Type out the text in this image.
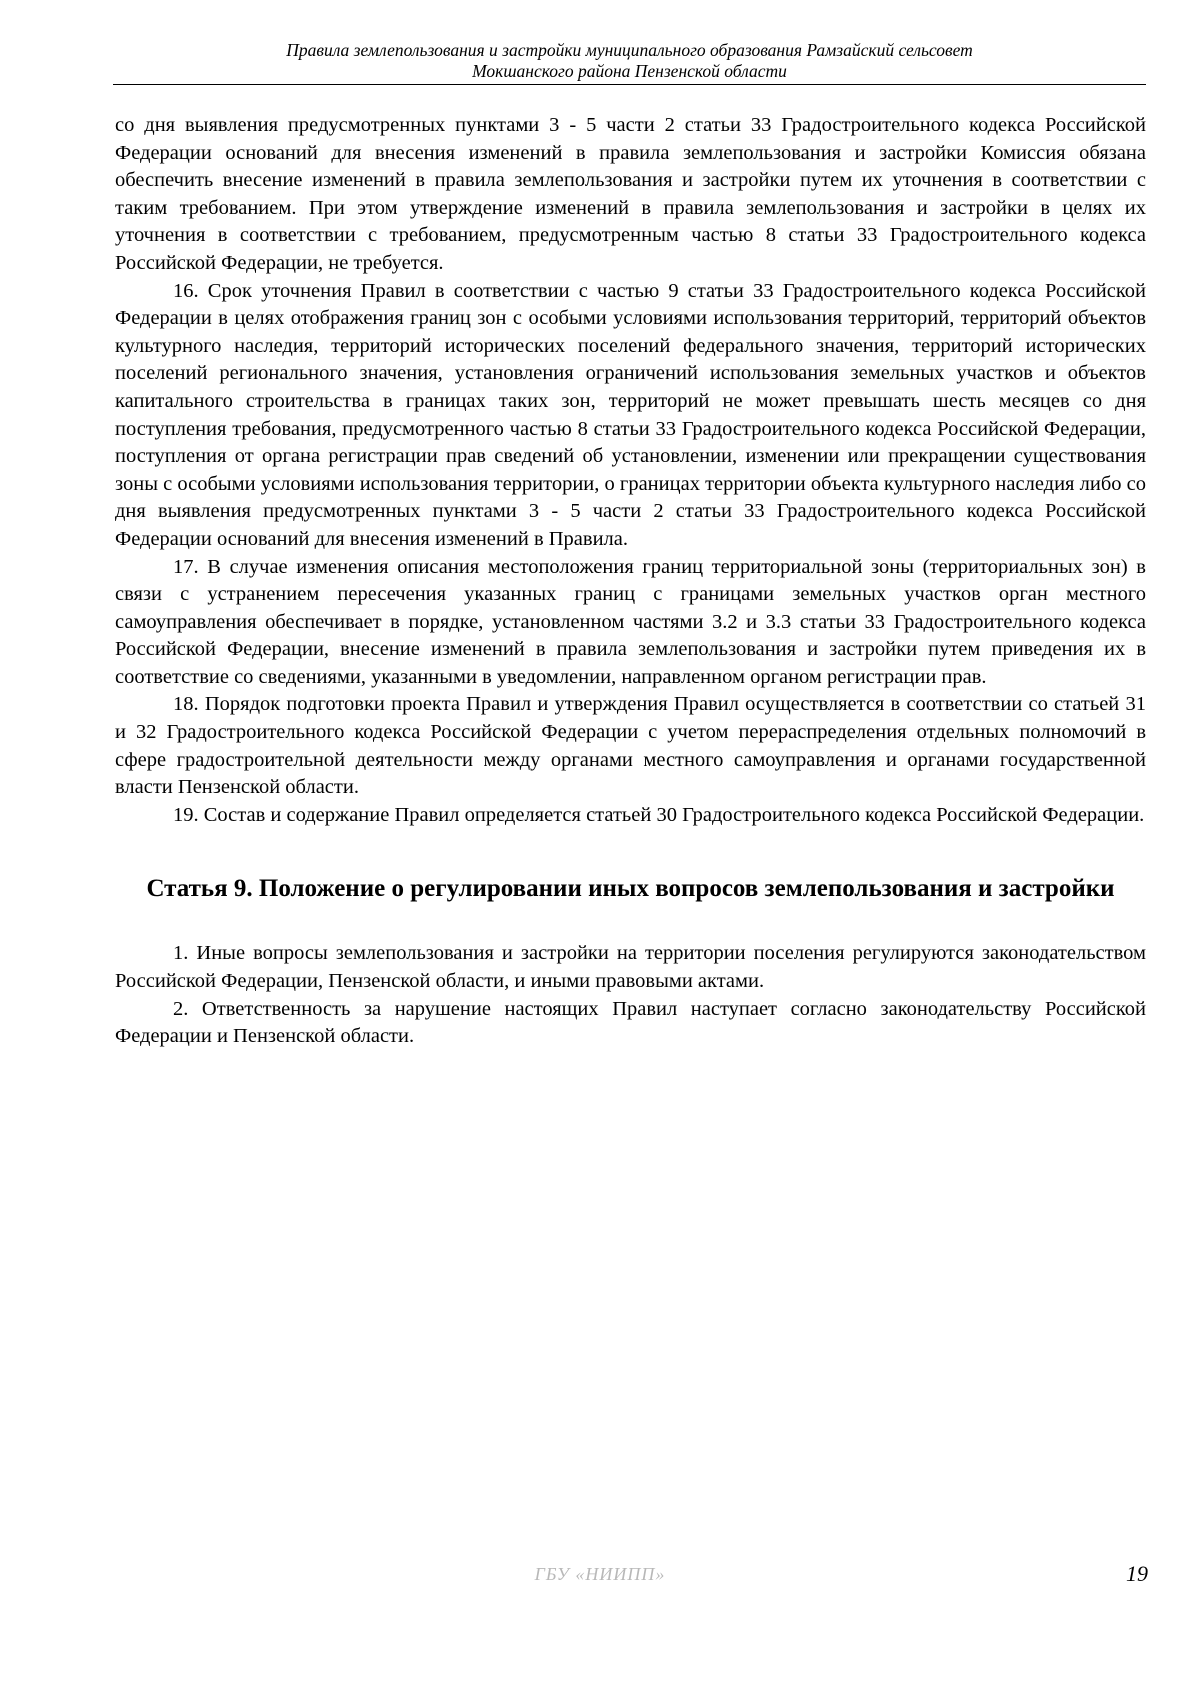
Правила землепользования и застройки муниципального образования Рамзайский сельсовет
Мокшанского района Пензенской области

со дня выявления предусмотренных пунктами 3 - 5 части 2 статьи 33 Градостроительного кодекса Российской Федерации оснований для внесения изменений в правила землепользования и застройки Комиссия обязана обеспечить внесение изменений в правила землепользования и застройки путем их уточнения в соответствии с таким требованием. При этом утверждение изменений в правила землепользования и застройки в целях их уточнения в соответствии с требованием, предусмотренным частью 8 статьи 33 Градостроительного кодекса Российской Федерации, не требуется.

16. Срок уточнения Правил в соответствии с частью 9 статьи 33 Градостроительного кодекса Российской Федерации в целях отображения границ зон с особыми условиями использования территорий, территорий объектов культурного наследия, территорий исторических поселений федерального значения, территорий исторических поселений регионального значения, установления ограничений использования земельных участков и объектов капитального строительства в границах таких зон, территорий не может превышать шесть месяцев со дня поступления требования, предусмотренного частью 8 статьи 33 Градостроительного кодекса Российской Федерации, поступления от органа регистрации прав сведений об установлении, изменении или прекращении существования зоны с особыми условиями использования территории, о границах территории объекта культурного наследия либо со дня выявления предусмотренных пунктами 3 - 5 части 2 статьи 33 Градостроительного кодекса Российской Федерации оснований для внесения изменений в Правила.

17. В случае изменения описания местоположения границ территориальной зоны (территориальных зон) в связи с устранением пересечения указанных границ с границами земельных участков орган местного самоуправления обеспечивает в порядке, установленном частями 3.2 и 3.3 статьи 33 Градостроительного кодекса Российской Федерации, внесение изменений в правила землепользования и застройки путем приведения их в соответствие со сведениями, указанными в уведомлении, направленном органом регистрации прав.

18. Порядок подготовки проекта Правил и утверждения Правил осуществляется в соответствии со статьей 31 и 32 Градостроительного кодекса Российской Федерации с учетом перераспределения отдельных полномочий в сфере градостроительной деятельности между органами местного самоуправления и органами государственной власти Пензенской области.

19. Состав и содержание Правил определяется статьей 30 Градостроительного кодекса Российской Федерации.

Статья 9. Положение о регулировании иных вопросов землепользования и застройки

1. Иные вопросы землепользования и застройки на территории поселения регулируются законодательством Российской Федерации, Пензенской области, и иными правовыми актами.

2. Ответственность за нарушение настоящих Правил наступает согласно законодательству Российской Федерации и Пензенской области.

ГБУ «НИИПП»	19
